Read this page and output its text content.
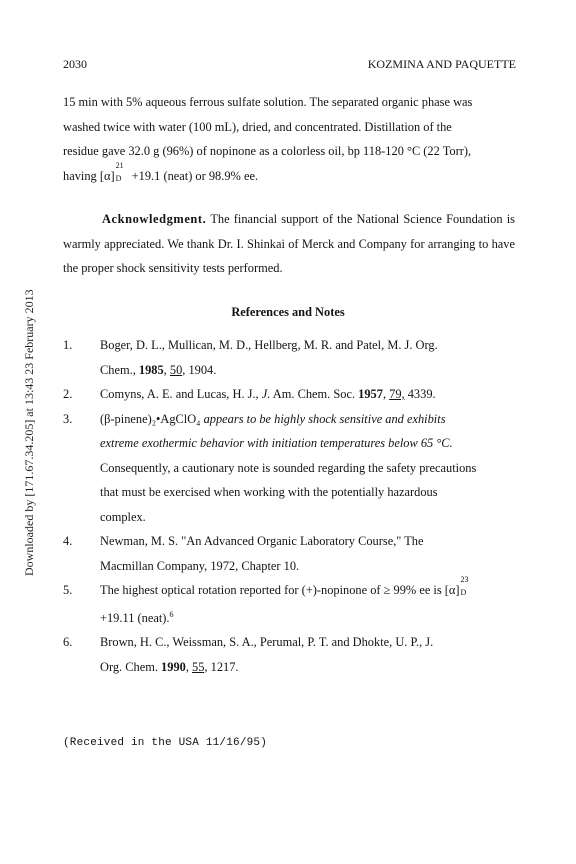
2030	KOZMINA AND PAQUETTE
15 min with 5% aqueous ferrous sulfate solution. The separated organic phase was
washed twice with water (100 mL), dried, and concentrated. Distillation of the
residue gave 32.0 g (96%) of nopinone as a colorless oil, bp 118-120 °C (22 Torr),
having [α]
21
D +19.1 (neat) or 98.9% ee.
Acknowledgment. The financial support of the National Science Foundation is warmly appreciated. We thank Dr. I. Shinkai of Merck and Company for arranging to have the proper shock sensitivity tests performed.
References and Notes
1. Boger, D. L., Mullican, M. D., Hellberg, M. R. and Patel, M. J. Org.
Chem., 1985, 50, 1904.
2. Comyns, A. E. and Lucas, H. J., J. Am. Chem. Soc. 1957, 79, 4339.
3. (β-pinene)₂•AgClO₄ appears to be highly shock sensitive and exhibits
extreme exothermic behavior with initiation temperatures below 65 °C.
Consequently, a cautionary note is sounded regarding the safety precautions
that must be exercised when working with the potentially hazardous
complex.
4. Newman, M. S. "An Advanced Organic Laboratory Course," The
Macmillan Company, 1972, Chapter 10.
5. The highest optical rotation reported for (+)-nopinone of ≥ 99% ee is [α]
23
D
+19.11 (neat).$^6$
6. Brown, H. C., Weissman, S. A., Perumal, P. T. and Dhokte, U. P., J.
Org. Chem. 1990, 55, 1217.
(Received in the USA 11/16/95)
Downloaded by [171.67.34.205] at 13:43 23 February 2013
